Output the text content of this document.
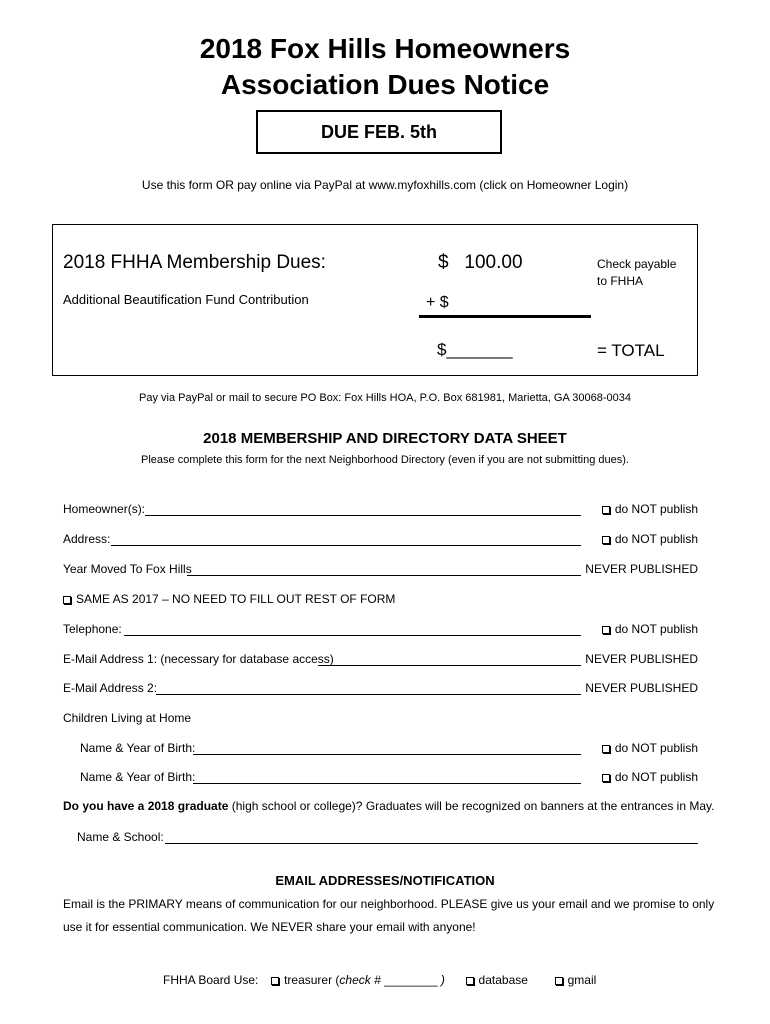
2018 Fox Hills Homeowners
Association Dues Notice
DUE FEB. 5th
Use this form OR pay online via PayPal at www.myfoxhills.com (click on Homeowner Login)
2018 FHHA Membership Dues:	$   100.00	Check payable to FHHA
Additional Beautification Fund Contribution	+ $
$_______	= TOTAL
Pay via PayPal or mail to secure PO Box: Fox Hills HOA, P.O. Box 681981, Marietta, GA 30068-0034
2018 MEMBERSHIP AND DIRECTORY DATA SHEET
Please complete this form for the next Neighborhood Directory (even if you are not submitting dues).
Homeowner(s):	do NOT publish
Address:	do NOT publish
Year Moved To Fox Hills	NEVER PUBLISHED
SAME AS 2017 – NO NEED TO FILL OUT REST OF FORM
Telephone:	do NOT publish
E-Mail Address 1: (necessary for database access)	NEVER PUBLISHED
E-Mail Address 2:	NEVER PUBLISHED
Children Living at Home
Name & Year of Birth:	do NOT publish
Name & Year of Birth:	do NOT publish
Do you have a 2018 graduate (high school or college)? Graduates will be recognized on banners at the entrances in May.
Name & School:
EMAIL ADDRESSES/NOTIFICATION
Email is the PRIMARY means of communication for our neighborhood. PLEASE give us your email and we promise to only
use it for essential communication. We NEVER share your email with anyone!
FHHA Board Use: treasurer (check # ________ )	database	gmail
